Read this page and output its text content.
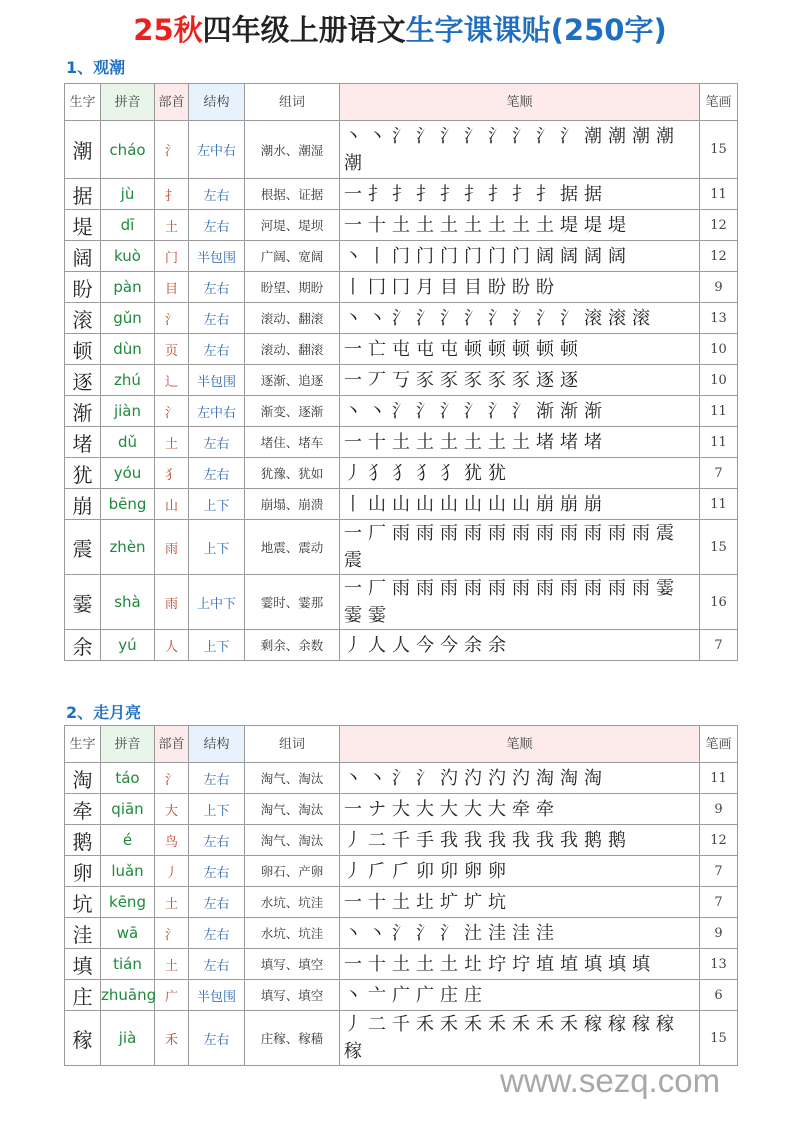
25秋四年级上册语文生字课课贴(250字)
1、观潮
生字	拼音	部首	结构	组词	笔顺	笔画
潮	cháo	氵	左中右	潮水、潮湿	丶丶氵氵氵氵氵氵氵氵潮潮潮潮潮	15
据	jù	扌	左右	根据、证据	一扌扌扌扌扌扌扌扌据据	11
堤	dī	土	左右	河堤、堤坝	一十土土土土土土土堤堤堤	12
阔	kuò	门	半包围	广阔、宽阔	丶丨门门门门门门阔阔阔阔	12
盼	pàn	目	左右	盼望、期盼	丨冂冂月目目盼盼盼	9
滚	gǔn	氵	左右	滚动、翻滚	丶丶氵氵氵氵氵氵氵氵滚滚滚	13
顿	dùn	页	左右	滚动、翻滚	一亡屯屯屯顿顿顿顿顿	10
逐	zhú	辶	半包围	逐渐、追逐	一丆丂豕豕豕豕豕逐逐	10
渐	jiàn	氵	左中右	渐变、逐渐	丶丶氵氵氵氵氵氵渐渐渐	11
堵	dǔ	土	左右	堵住、堵车	一十土土土土土土堵堵堵	11
犹	yóu	犭	左右	犹豫、犹如	丿犭犭犭犭犹犹	7
崩	bēng	山	上下	崩塌、崩溃	丨山山山山山山山崩崩崩	11
震	zhèn	雨	上下	地震、震动	一厂雨雨雨雨雨雨雨雨雨雨雨震震	15
霎	shà	雨	上中下	霎时、霎那	一厂雨雨雨雨雨雨雨雨雨雨雨霎霎霎	16
余	yú	人	上下	剩余、余数	丿人人今今余余	7
2、走月亮
生字	拼音	部首	结构	组词	笔顺	笔画
淘	táo	氵	左右	淘气、淘汰	丶丶氵氵汋汋汋汋淘淘淘	11
牵	qiān	大	上下	淘气、淘汰	一ナ大大大大大牵牵	9
鹅	é	鸟	左右	淘气、淘汰	丿二千手我我我我我我鹅鹅	12
卵	luǎn	丿	左右	卵石、产卵	丿𠂆𠂆卯卯卵卵	7
坑	kēng	土	左右	水坑、坑洼	一十土圵圹圹坑	7
洼	wā	氵	左右	水坑、坑洼	丶丶氵氵氵汢洼洼洼	9
填	tián	土	左右	填写、填空	一十土土土圵坾坾埴埴填填填	13
庄	zhuāng	广	半包围	填写、填空	丶亠广广庄庄	6
稼	jià	禾	左右	庄稼、稼穑	丿二千禾禾禾禾禾禾禾稼稼稼稼稼	15
www.sezq.com
